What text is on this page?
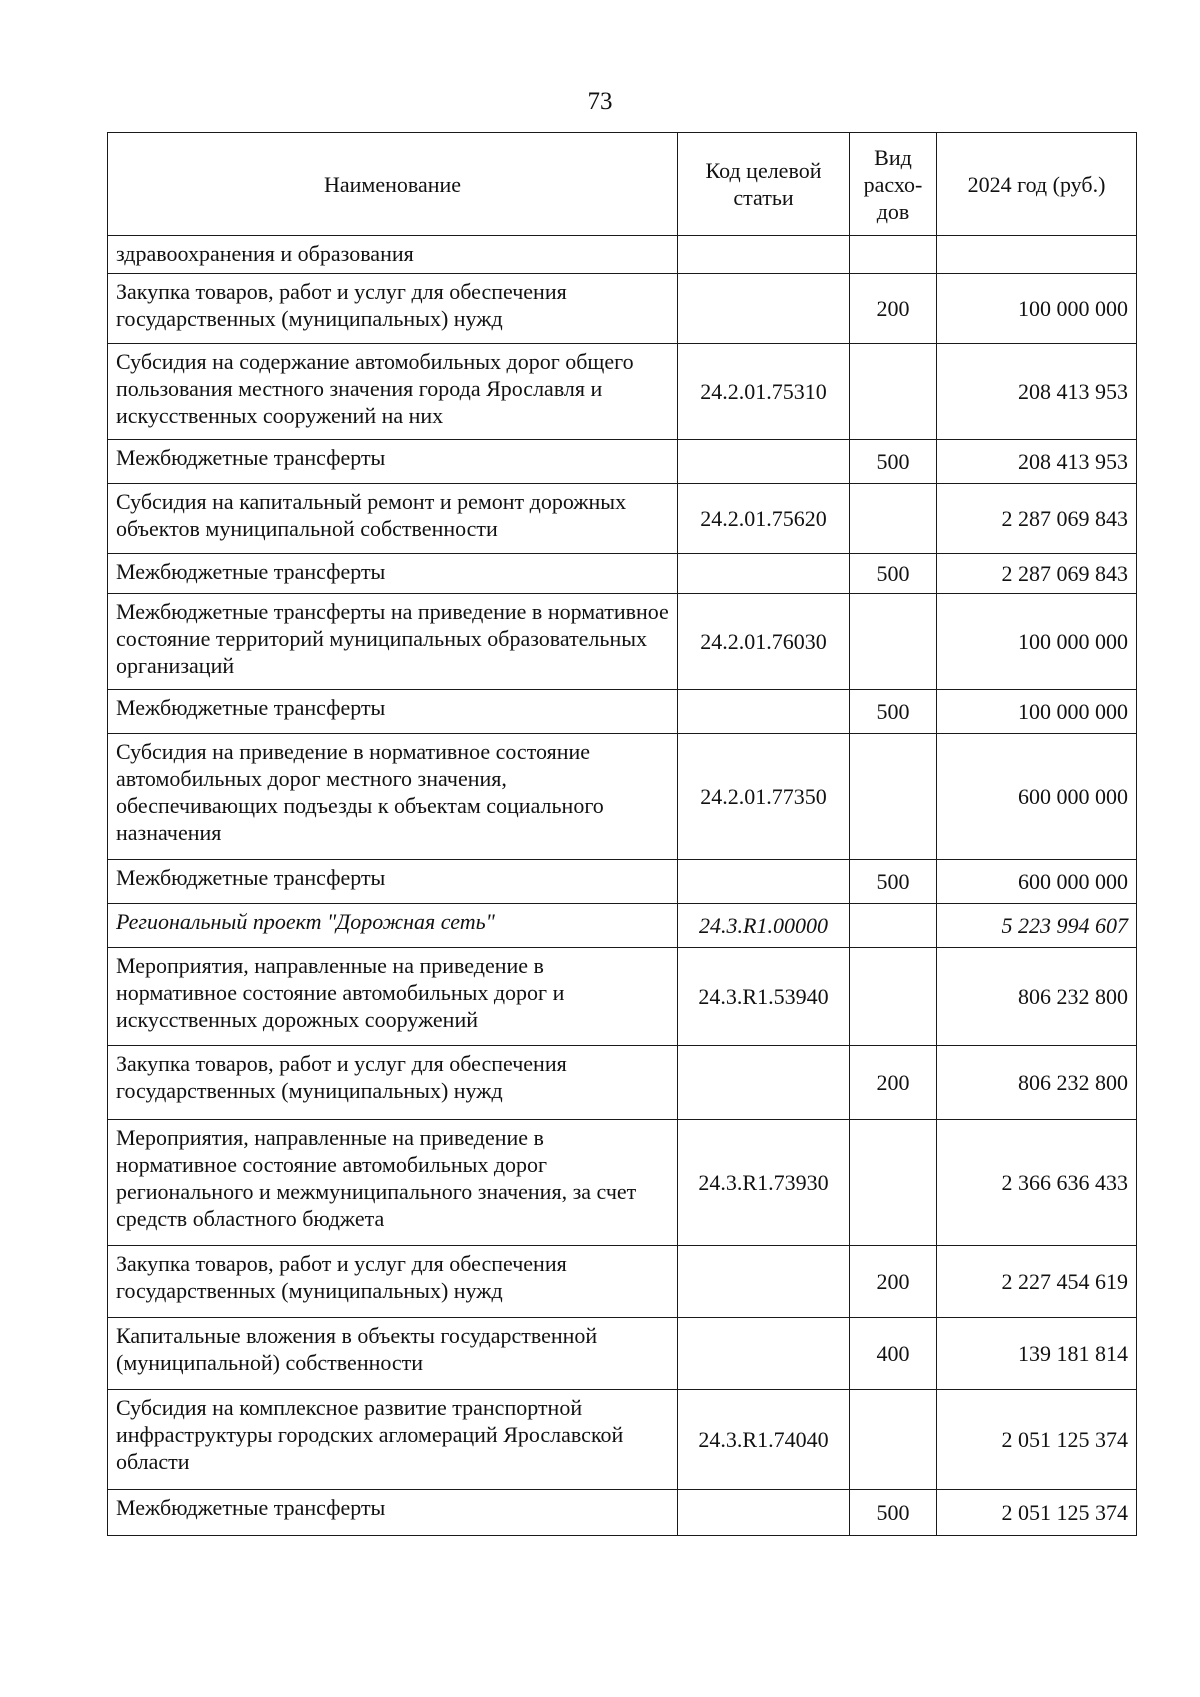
73
Наименование	Код целевой статьи	Вид расхо-дов	2024 год (руб.)
здравоохранения и образования			
Закупка товаров, работ и услуг для обеспечения государственных (муниципальных) нужд		200	100 000 000
Субсидия на содержание автомобильных дорог общего пользования местного значения города Ярославля и искусственных сооружений на них	24.2.01.75310		208 413 953
Межбюджетные трансферты		500	208 413 953
Субсидия на капитальный ремонт и ремонт дорожных объектов муниципальной собственности	24.2.01.75620		2 287 069 843
Межбюджетные трансферты		500	2 287 069 843
Межбюджетные трансферты на приведение в нормативное состояние территорий муниципальных образовательных организаций	24.2.01.76030		100 000 000
Межбюджетные трансферты		500	100 000 000
Субсидия на приведение в нормативное состояние автомобильных дорог местного значения, обеспечивающих подъезды к объектам социального назначения	24.2.01.77350		600 000 000
Межбюджетные трансферты		500	600 000 000
Региональный проект "Дорожная сеть"	24.3.R1.00000		5 223 994 607
Мероприятия, направленные на приведение в нормативное состояние автомобильных дорог и искусственных дорожных сооружений	24.3.R1.53940		806 232 800
Закупка товаров, работ и услуг для обеспечения государственных (муниципальных) нужд		200	806 232 800
Мероприятия, направленные на приведение в нормативное состояние автомобильных дорог регионального и межмуниципального значения, за счет средств областного бюджета	24.3.R1.73930		2 366 636 433
Закупка товаров, работ и услуг для обеспечения государственных (муниципальных) нужд		200	2 227 454 619
Капитальные вложения в объекты государственной (муниципальной) собственности		400	139 181 814
Субсидия на комплексное развитие транспортной инфраструктуры городских агломераций Ярославской области	24.3.R1.74040		2 051 125 374
Межбюджетные трансферты		500	2 051 125 374
